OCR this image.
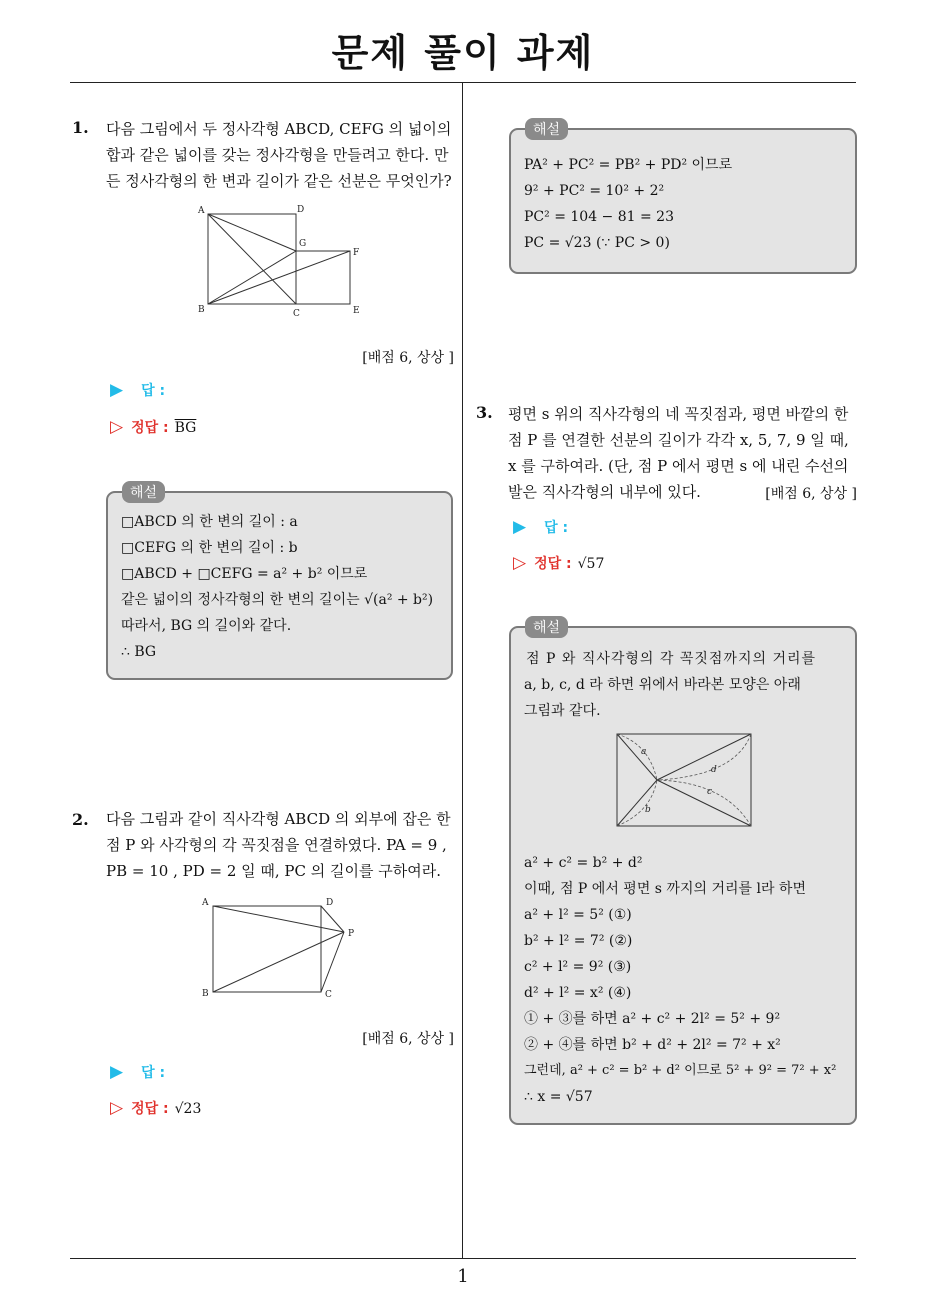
문제 풀이 과제
1. 다음 그림에서 두 정사각형 ABCD, CEFG 의 넓이의
합과 같은 넓이를 갖는 정사각형을 만들려고 한다. 만
든 정사각형의 한 변과 길이가 같은 선분은 무엇인가?
A	D
G
F
B	C	E
[배점 6, 상상 ]
▶ 답 :
▷ 정답 : $\overline{BG}$
해설
□ABCD 의 한 변의 길이 : a
□CEFG 의 한 변의 길이 : b
□ABCD + □CEFG = a² + b² 이므로
같은 넓이의 정사각형의 한 변의 길이는 √(a² + b²)
따라서, BG 의 길이와 같다.
∴ BG
2. 다음 그림과 같이 직사각형 ABCD 의 외부에 잡은 한
점 P 와 사각형의 각 꼭짓점을 연결하였다. PA = 9 ,
PB = 10 , PD = 2 일 때, PC 의 길이를 구하여라.
A	D
P
B	C
[배점 6, 상상 ]
▶ 답 :
▷ 정답 : √23
해설
PA² + PC² = PB² + PD² 이므로
9² + PC² = 10² + 2²
PC² = 104 − 81 = 23
PC = √23 (∵ PC > 0)
3. 평면 s 위의 직사각형의 네 꼭짓점과, 평면 바깥의 한
점 P 를 연결한 선분의 길이가 각각 x, 5, 7, 9 일 때,
x 를 구하여라. (단, 점 P 에서 평면 s 에 내린 수선의
발은 직사각형의 내부에 있다.	[배점 6, 상상 ]
▶ 답 :
▷ 정답 : √57
해설
점 P 와 직사각형의 각 꼭짓점까지의 거리를
a, b, c, d 라 하면 위에서 바라본 모양은 아래
그림과 같다.
a
b
c
d
a² + c² = b² + d²
이때, 점 P 에서 평면 s 까지의 거리를 l라 하면
a² + l² = 5² (①)
b² + l² = 7² (②)
c² + l² = 9² (③)
d² + l² = x² (④)
① + ③를 하면 a² + c² + 2l² = 5² + 9²
② + ④를 하면 b² + d² + 2l² = 7² + x²
그런데, a² + c² = b² + d² 이므로 5² + 9² = 7² + x²
∴ x = √57
1
